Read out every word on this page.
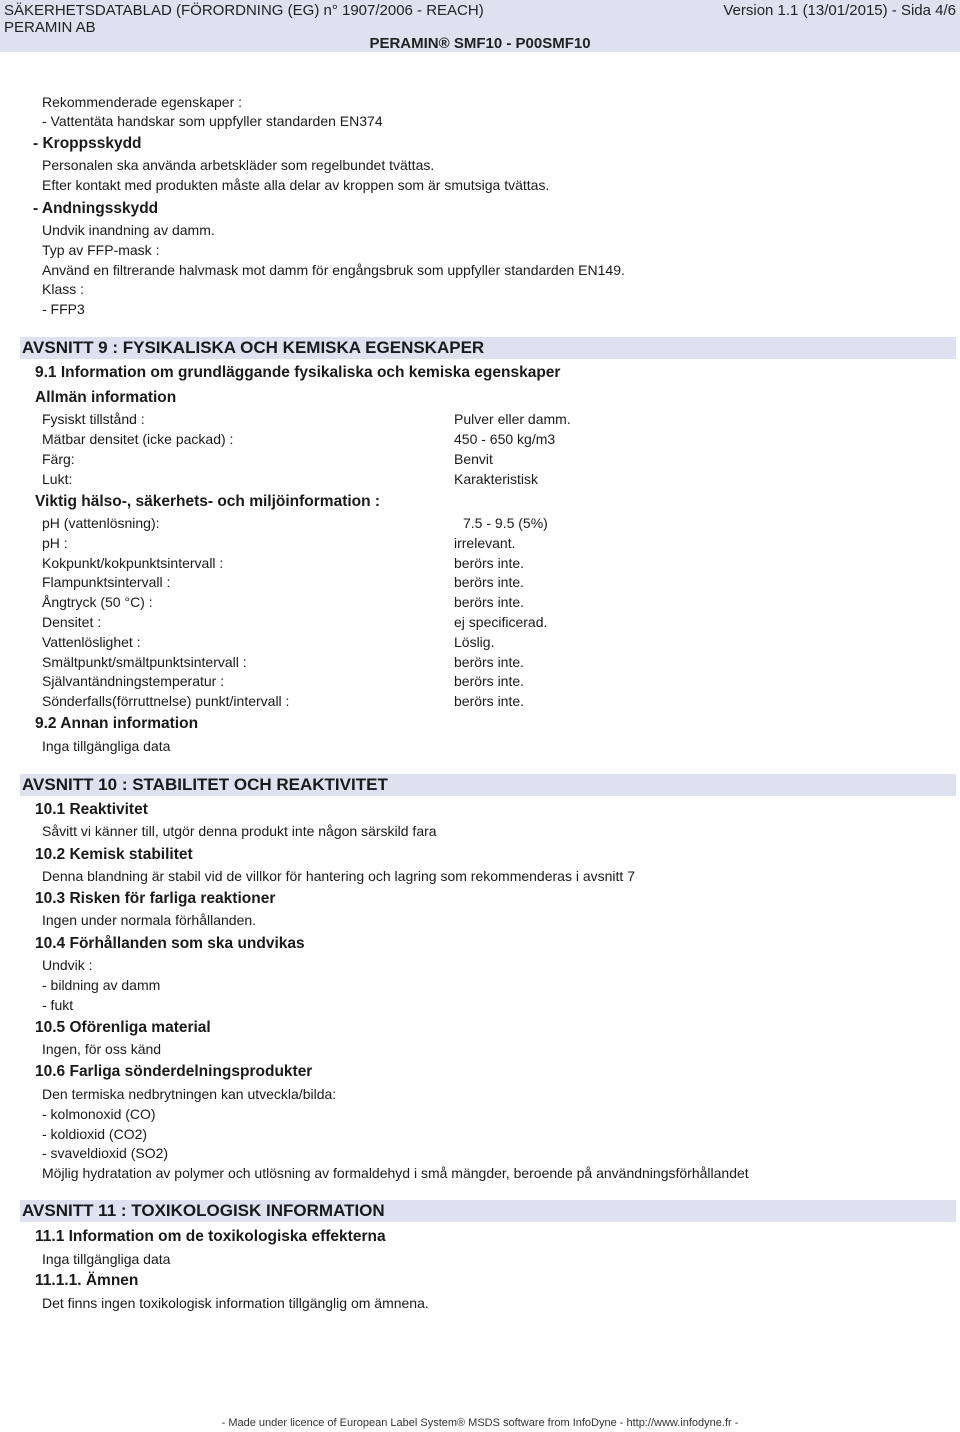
SÄKERHETSDATABLAD (FÖRORDNING (EG) n° 1907/2006 - REACH)	Version 1.1 (13/01/2015) - Sida 4/6
PERAMIN AB
PERAMIN® SMF10 - P00SMF10
Rekommenderade egenskaper :
- Vattentäta handskar som uppfyller standarden EN374
- Kroppsskydd
Personalen ska använda arbetskläder som regelbundet tvättas.
Efter kontakt med produkten måste alla delar av kroppen som är smutsiga tvättas.
- Andningsskydd
Undvik inandning av damm.
Typ av FFP-mask :
Använd en filtrerande halvmask mot damm för engångsbruk som uppfyller standarden EN149.
Klass :
- FFP3
AVSNITT 9 : FYSIKALISKA OCH KEMISKA EGENSKAPER
9.1 Information om grundläggande fysikaliska och kemiska egenskaper
Allmän information
Fysiskt tillstånd :	Pulver eller damm.
Mätbar densitet (icke packad) :	450 - 650 kg/m3
Färg:	Benvit
Lukt:	Karakteristisk
Viktig hälso-, säkerhets- och miljöinformation :
pH (vattenlösning):	7.5 - 9.5 (5%)
pH :	irrelevant.
Kokpunkt/kokpunktsintervall :	berörs inte.
Flampunktsintervall :	berörs inte.
Ångtryck (50 °C) :	berörs inte.
Densitet :	ej specificerad.
Vattenlöslighet :	Löslig.
Smältpunkt/smältpunktsintervall :	berörs inte.
Självantändningstemperatur :	berörs inte.
Sönderfalls(förruttnelse) punkt/intervall :	berörs inte.
9.2 Annan information
Inga tillgängliga data
AVSNITT 10 : STABILITET OCH REAKTIVITET
10.1 Reaktivitet
Såvitt vi känner till, utgör denna produkt inte någon särskild fara
10.2 Kemisk stabilitet
Denna blandning är stabil vid de villkor för hantering och lagring som rekommenderas i avsnitt 7
10.3 Risken för farliga reaktioner
Ingen under normala förhållanden.
10.4 Förhållanden som ska undvikas
Undvik :
- bildning av damm
- fukt
10.5 Oförenliga material
Ingen, för oss känd
10.6 Farliga sönderdelningsprodukter
Den termiska nedbrytningen kan utveckla/bilda:
- kolmonoxid (CO)
- koldioxid (CO2)
- svaveldioxid (SO2)
Möjlig hydratation av polymer och utlösning av formaldehyd i små mängder, beroende på användningsförhållandet
AVSNITT 11 : TOXIKOLOGISK INFORMATION
11.1 Information om de toxikologiska effekterna
Inga tillgängliga data
11.1.1. Ämnen
Det finns ingen toxikologisk information tillgänglig om ämnena.
- Made under licence of European Label System® MSDS software from InfoDyne - http://www.infodyne.fr -
